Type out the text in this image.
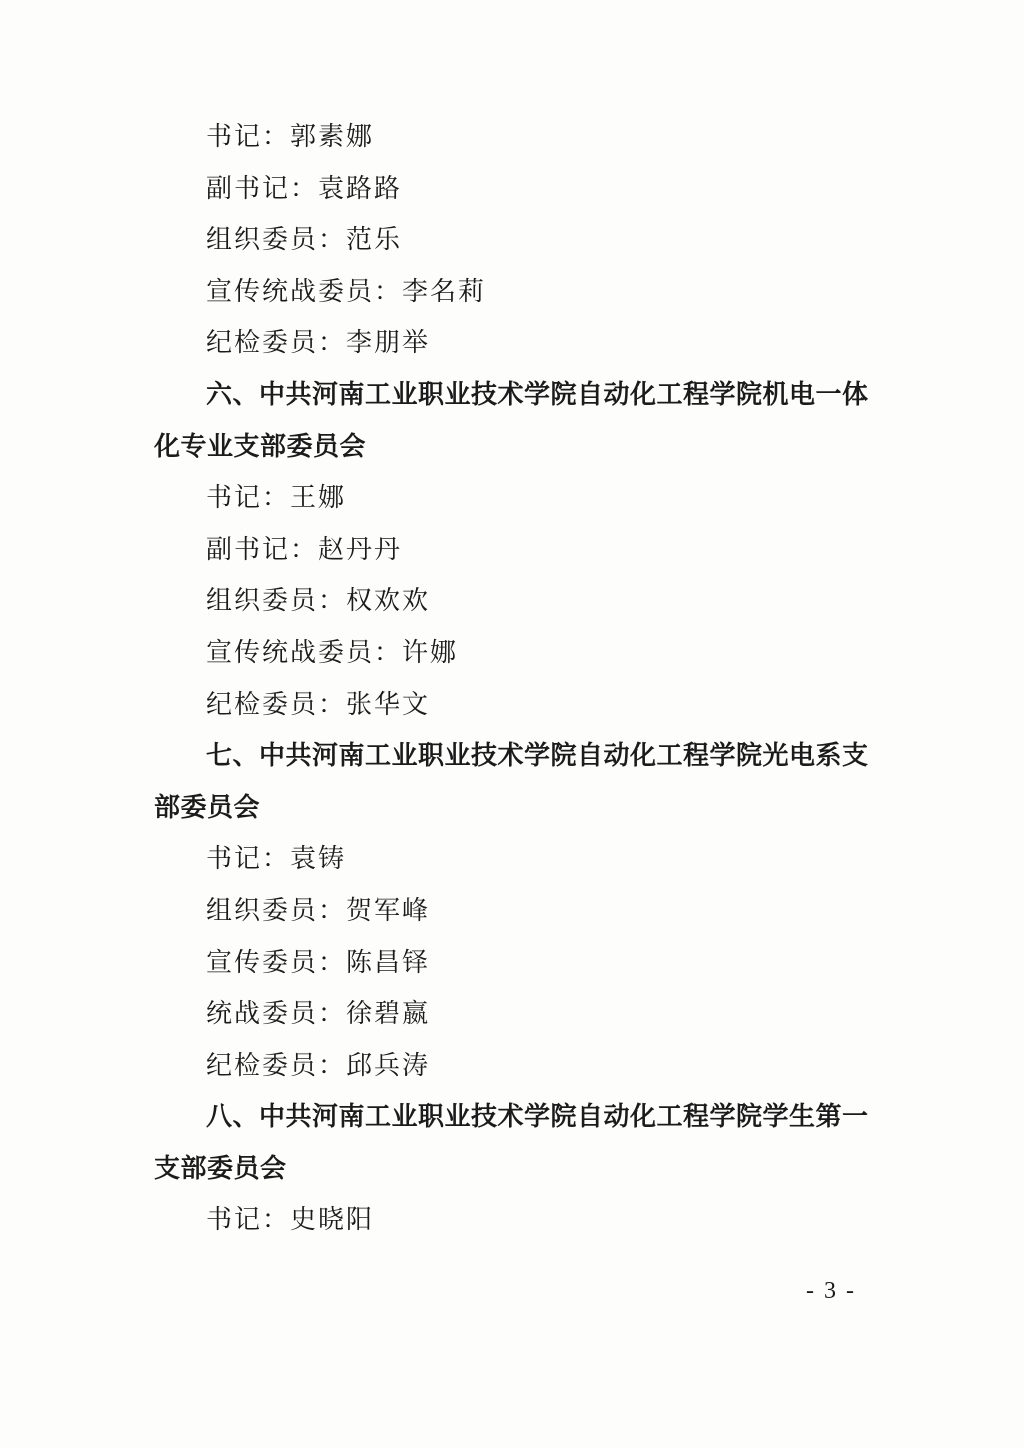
书记：郭素娜
副书记：袁路路
组织委员：范乐
宣传统战委员：李名莉
纪检委员：李朋举
六、中共河南工业职业技术学院自动化工程学院机电一体
化专业支部委员会
书记：王娜
副书记：赵丹丹
组织委员：权欢欢
宣传统战委员：许娜
纪检委员：张华文
七、中共河南工业职业技术学院自动化工程学院光电系支
部委员会
书记：袁铸
组织委员：贺军峰
宣传委员：陈昌铎
统战委员：徐碧嬴
纪检委员：邱兵涛
八、中共河南工业职业技术学院自动化工程学院学生第一
支部委员会
书记：史晓阳
- 3 -
